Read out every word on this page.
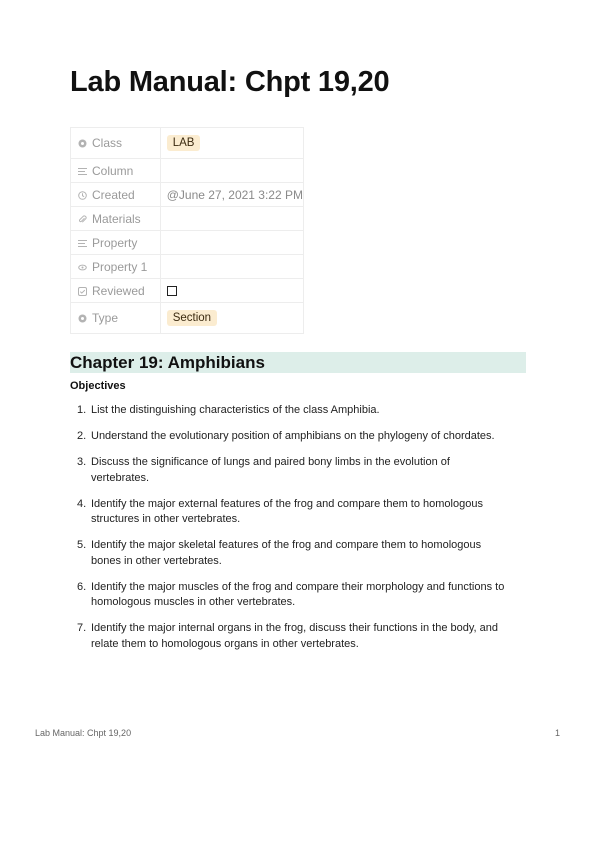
Lab Manual: Chpt 19,20
Class	LAB

Column	

Created	@June 27, 2021 3:22 PM

Materials	

Property	

Property 1	

Reviewed	

Type	Section
Chapter 19: Amphibians
Objectives
1. List the distinguishing characteristics of the class Amphibia.
2. Understand the evolutionary position of amphibians on the phylogeny of chordates.
3. Discuss the significance of lungs and paired bony limbs in the evolution of vertebrates.
4. Identify the major external features of the frog and compare them to homologous structures in other vertebrates.
5. Identify the major skeletal features of the frog and compare them to homologous bones in other vertebrates.
6. Identify the major muscles of the frog and compare their morphology and functions to homologous muscles in other vertebrates.
7. Identify the major internal organs in the frog, discuss their functions in the body, and relate them to homologous organs in other vertebrates.
Lab Manual: Chpt 19,20	1
